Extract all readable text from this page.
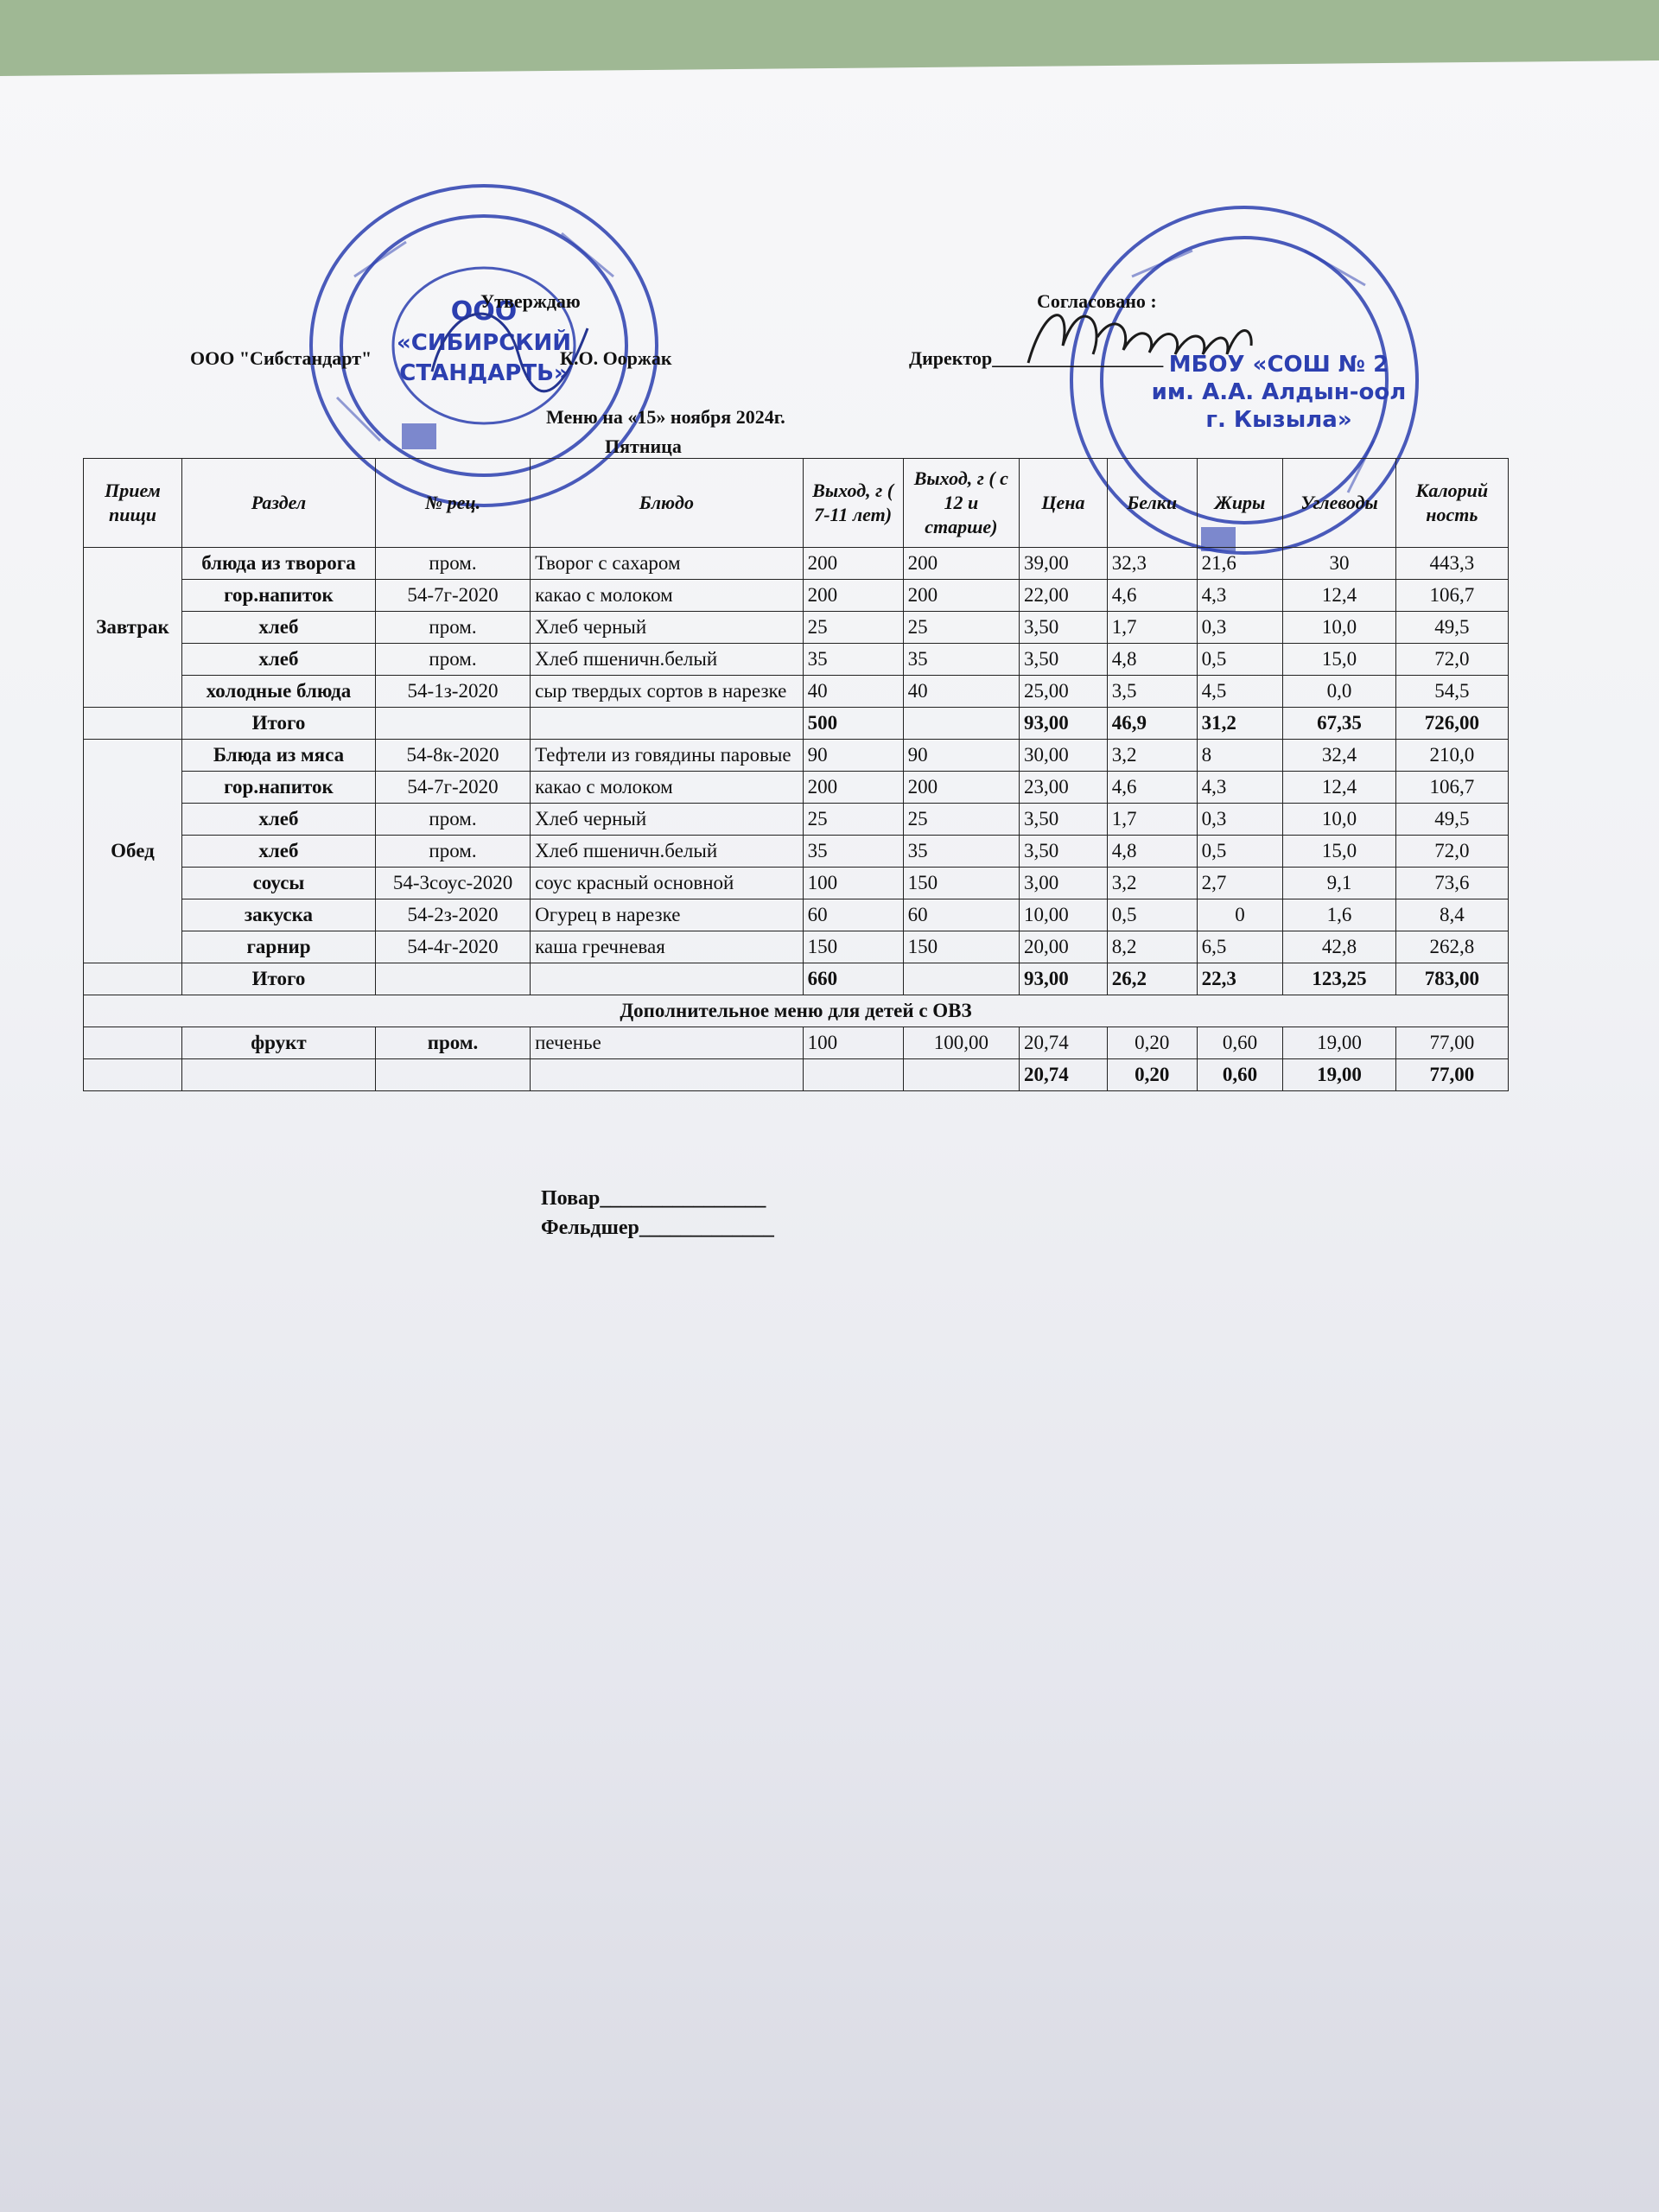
ООО
«СИБИРСКИЙ
СТАНДАРТЬ»	МБОУ «СОШ № 2
им. А.А. Алдын-оол
г. Кызыла»
Утверждаю	Согласовано :
ООО "Сибстандарт"	К.О. Ооржак	Директор__________________
Меню на «15» ноября 2024г.
Пятница
Прием пищи	Раздел	№ рец.	Блюдо	Выход, г ( 7-11 лет)	Выход, г ( с 12 и старше)	Цена	Белки	Жиры	Углеводы	Калорий ность
Завтрак	блюда из творога	пром.	Творог с сахаром	200	200	39,00	32,3	21,6	30	443,3
	гор.напиток	54-7г-2020	какао с молоком	200	200	22,00	4,6	4,3	12,4	106,7
	хлеб	пром.	Хлеб черный	25	25	3,50	1,7	0,3	10,0	49,5
	хлеб	пром.	Хлеб пшеничн.белый	35	35	3,50	4,8	0,5	15,0	72,0
	холодные блюда	54-1з-2020	сыр твердых сортов в нарезке	40	40	25,00	3,5	4,5	0,0	54,5
	Итого			500		93,00	46,9	31,2	67,35	726,00
Обед	Блюда из мяса	54-8к-2020	Тефтели из говядины паровые	90	90	30,00	3,2	8	32,4	210,0
	гор.напиток	54-7г-2020	какао с молоком	200	200	23,00	4,6	4,3	12,4	106,7
	хлеб	пром.	Хлеб черный	25	25	3,50	1,7	0,3	10,0	49,5
	хлеб	пром.	Хлеб пшеничн.белый	35	35	3,50	4,8	0,5	15,0	72,0
	соусы	54-3соус-2020	соус красный основной	100	150	3,00	3,2	2,7	9,1	73,6
	закуска	54-2з-2020	Огурец в нарезке	60	60	10,00	0,5	0	1,6	8,4
	гарнир	54-4г-2020	каша гречневая	150	150	20,00	8,2	6,5	42,8	262,8
	Итого			660		93,00	26,2	22,3	123,25	783,00
Дополнительное меню для детей с ОВЗ										
	фрукт	пром.	печенье	100	100,00	20,74	0,20	0,60	19,00	77,00
						20,74	0,20	0,60	19,00	77,00
Повар________________
Фельдшер_____________
